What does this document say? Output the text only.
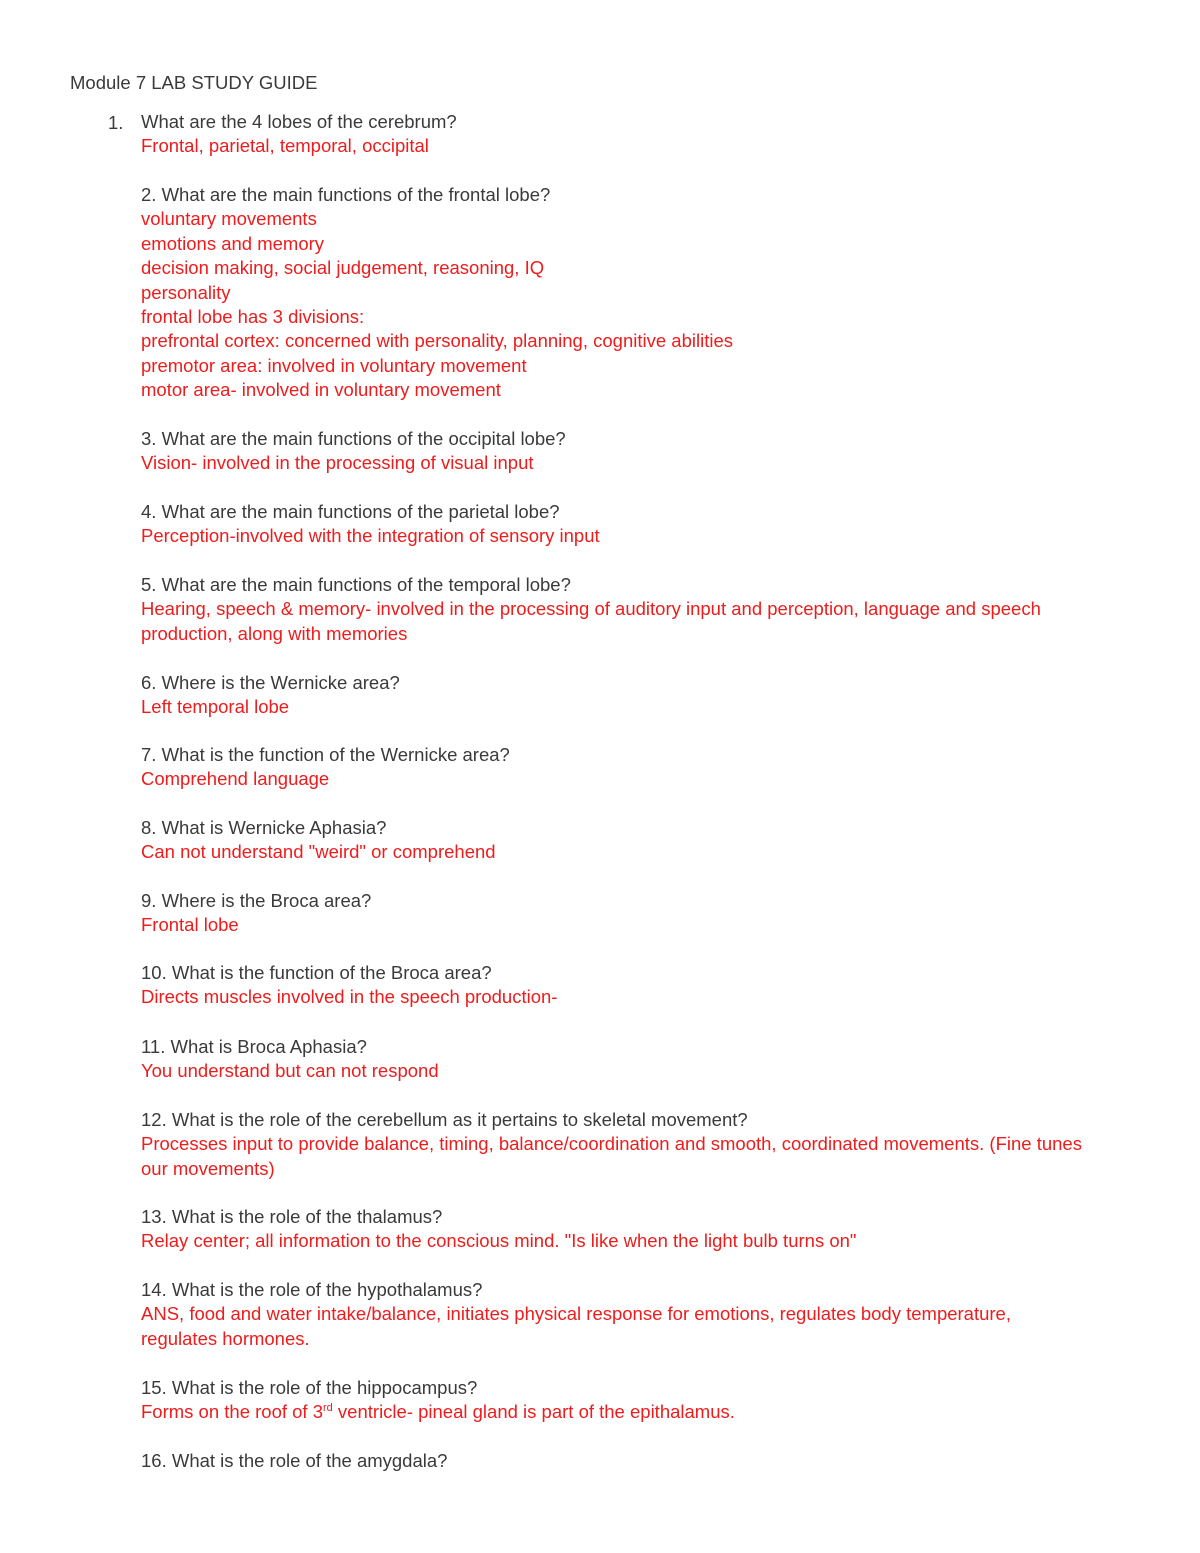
Module 7 LAB STUDY GUIDE
1. What are the 4 lobes of the cerebrum?
Frontal, parietal, temporal, occipital
2. What are the main functions of the frontal lobe?
voluntary movements
emotions and memory
decision making, social judgement, reasoning, IQ
personality
frontal lobe has 3 divisions:
prefrontal cortex: concerned with personality, planning, cognitive abilities
premotor area: involved in voluntary movement
motor area- involved in voluntary movement
3. What are the main functions of the occipital lobe?
Vision- involved in the processing of visual input
4. What are the main functions of the parietal lobe?
Perception-involved with the integration of sensory input
5. What are the main functions of the temporal lobe?
Hearing, speech & memory- involved in the processing of auditory input and perception, language and speech production, along with memories
6. Where is the Wernicke area?
Left temporal lobe
7. What is the function of the Wernicke area?
Comprehend language
8. What is Wernicke Aphasia?
Can not understand "weird" or comprehend
9. Where is the Broca area?
Frontal lobe
10. What is the function of the Broca area?
Directs muscles involved in the speech production-
11. What is Broca Aphasia?
You understand but can not respond
12. What is the role of the cerebellum as it pertains to skeletal movement?
Processes input to provide balance, timing, balance/coordination and smooth, coordinated movements. (Fine tunes our movements)
13. What is the role of the thalamus?
Relay center; all information to the conscious mind. "Is like when the light bulb turns on"
14. What is the role of the hypothalamus?
ANS, food and water intake/balance, initiates physical response for emotions, regulates body temperature, regulates hormones.
15. What is the role of the hippocampus?
Forms on the roof of 3rd ventricle- pineal gland is part of the epithalamus.
16. What is the role of the amygdala?
